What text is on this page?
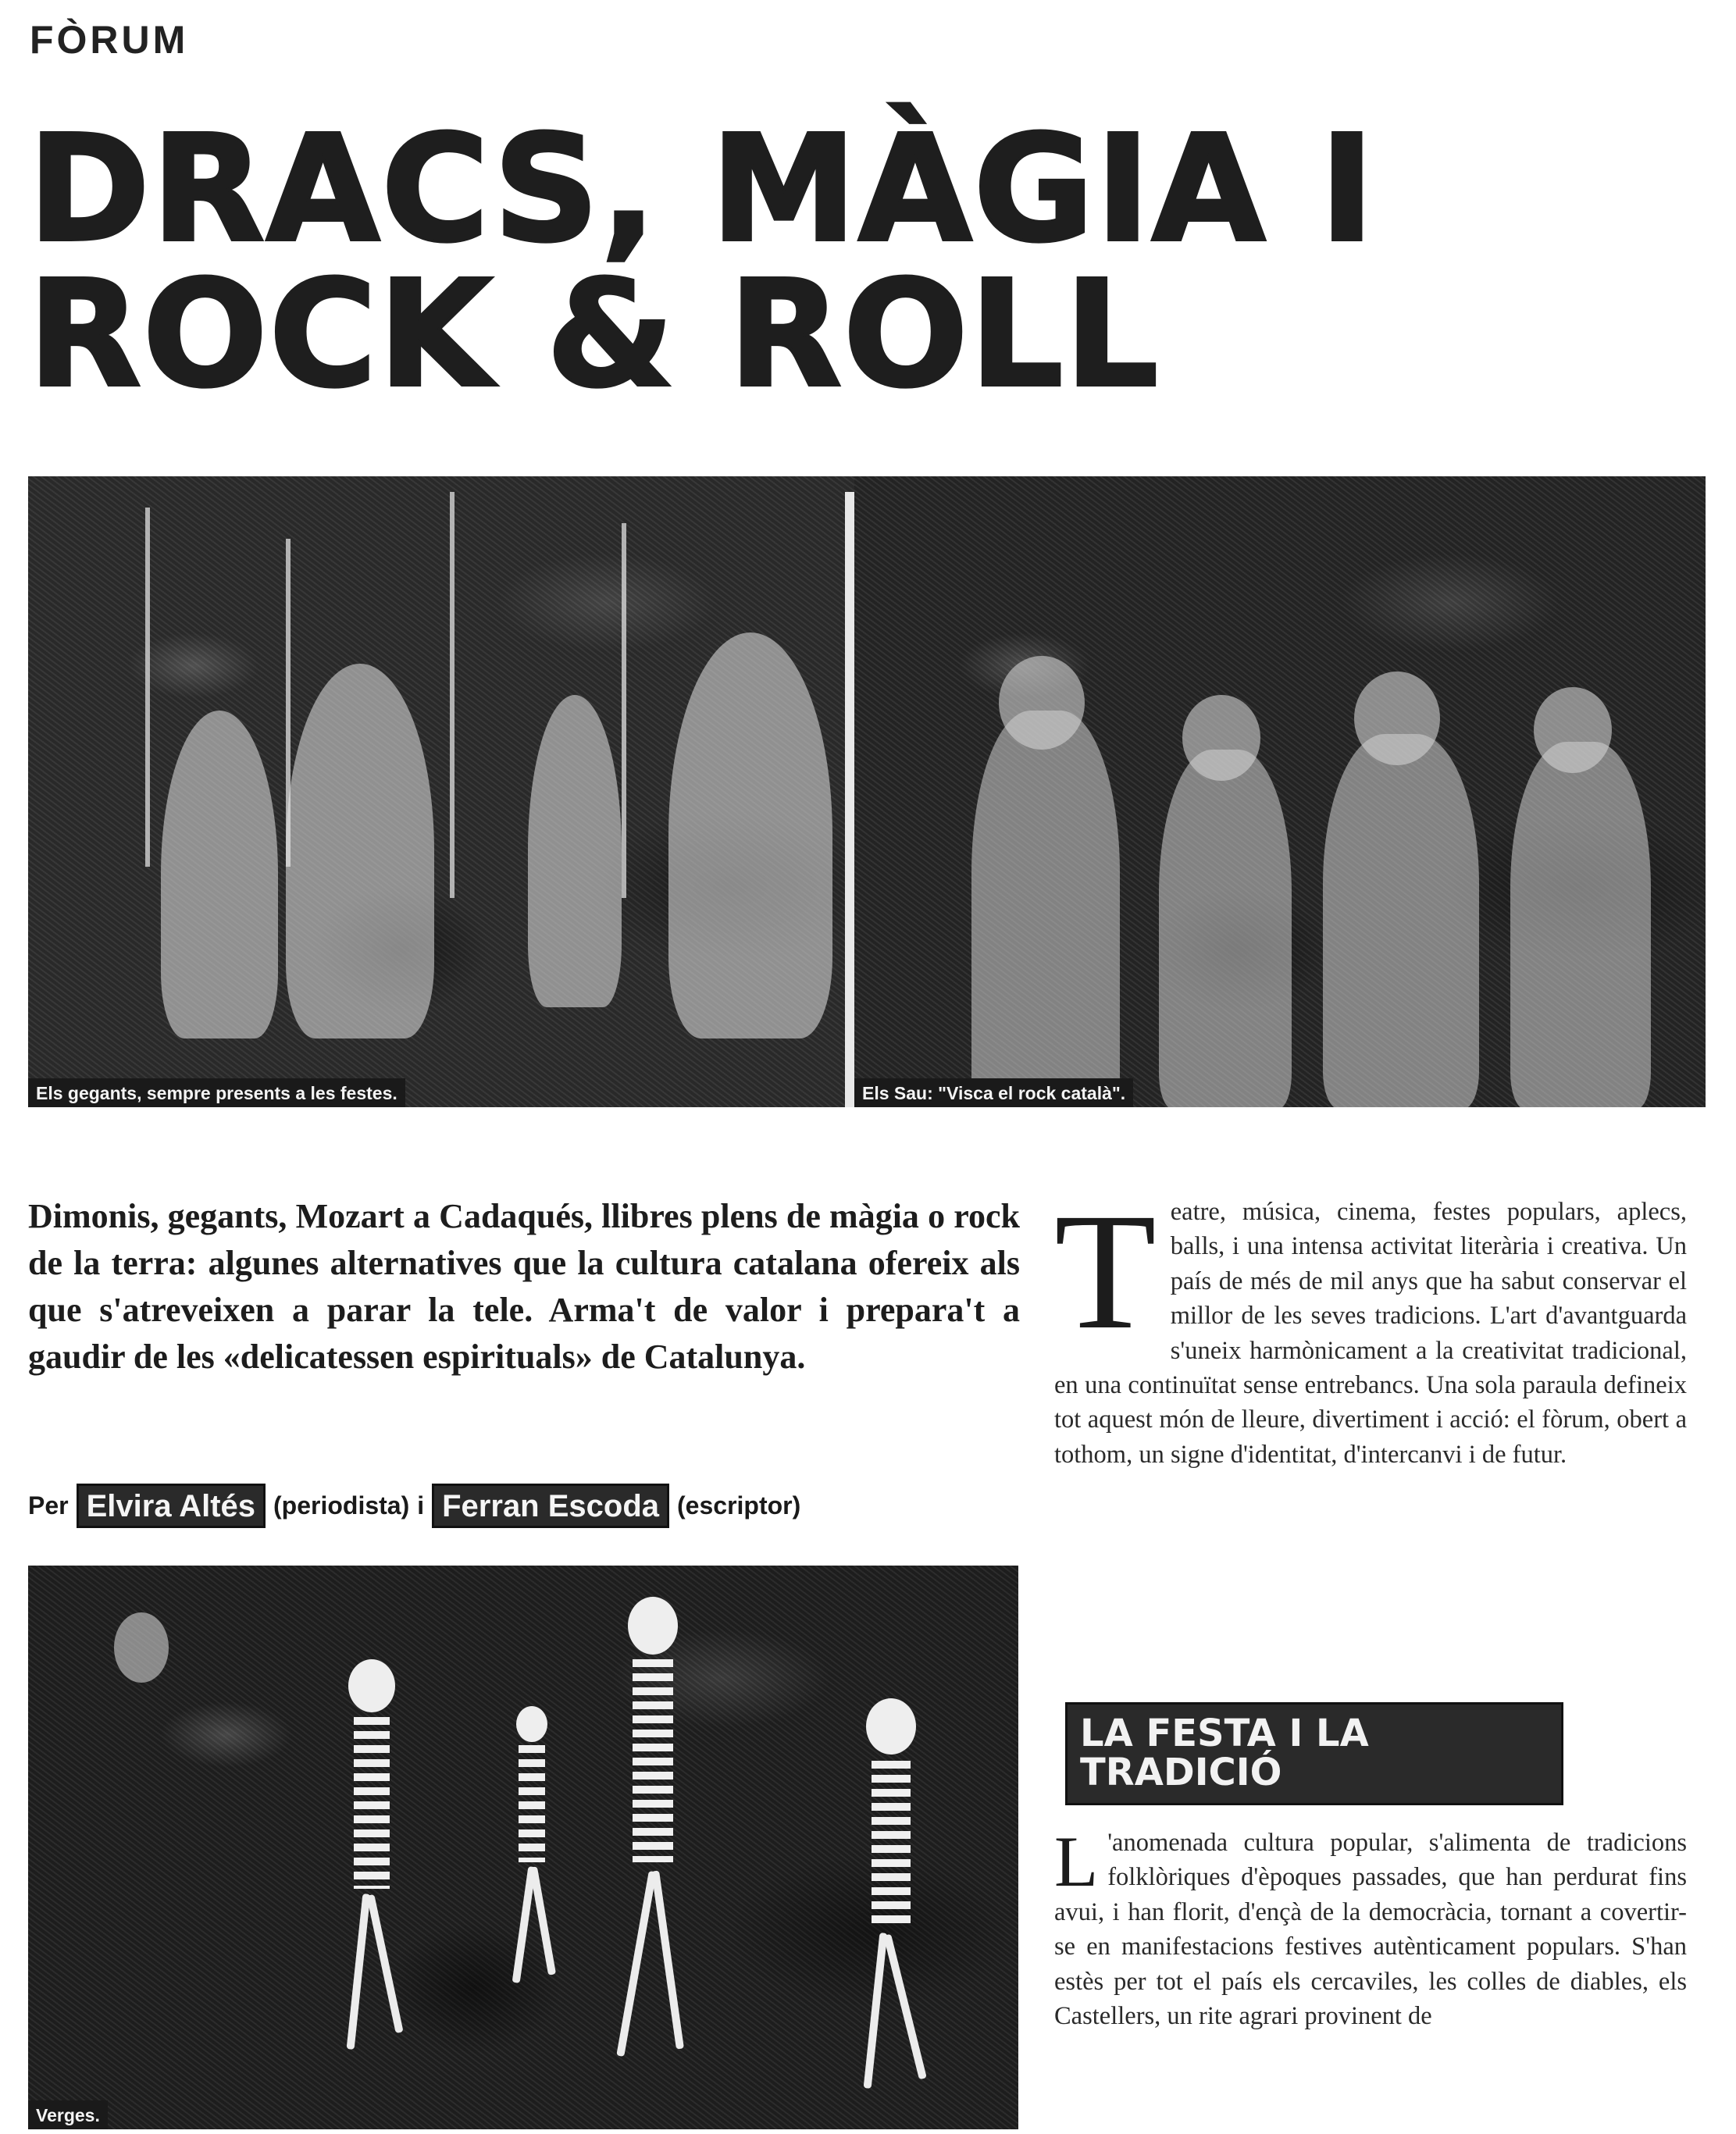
FÒRUM
DRACS, MÀGIA I
ROCK & ROLL
Els gegants, sempre presents a les festes.	Els Sau: "Visca el rock català".
Dimonis, gegants, Mozart a Cadaqués, llibres plens de màgia o rock de la terra: algunes alternatives que la cultura catalana ofereix als que s'atreveixen a parar la tele. Arma't de valor i prepara't a gaudir de les «delicatessen espirituals» de Catalunya.
Per Elvira Altés (periodista) i Ferran Escoda (escriptor)
Verges.
T eatre, música, cinema, festes populars, aplecs, balls, i una intensa activitat literària i creativa. Un país de més de mil anys que ha sabut conservar el millor de les seves tradicions. L'art d'avantguarda s'uneix harmònicament a la creativitat tradicional, en una continuïtat sense entrebancs. Una sola paraula defineix tot aquest món de lleure, divertiment i acció: el fòrum, obert a tothom, un signe d'identitat, d'intercanvi i de futur.
LA FESTA I LA
TRADICIÓ
L 'anomenada cultura popular, s'alimenta de tradicions folklòriques d'èpoques passades, que han perdurat fins avui, i han florit, d'ençà de la democràcia, tornant a covertir-se en manifestacions festives autènticament populars. S'han estès per tot el país els cercaviles, les colles de diables, els Castellers, un rite agrari provinent de
